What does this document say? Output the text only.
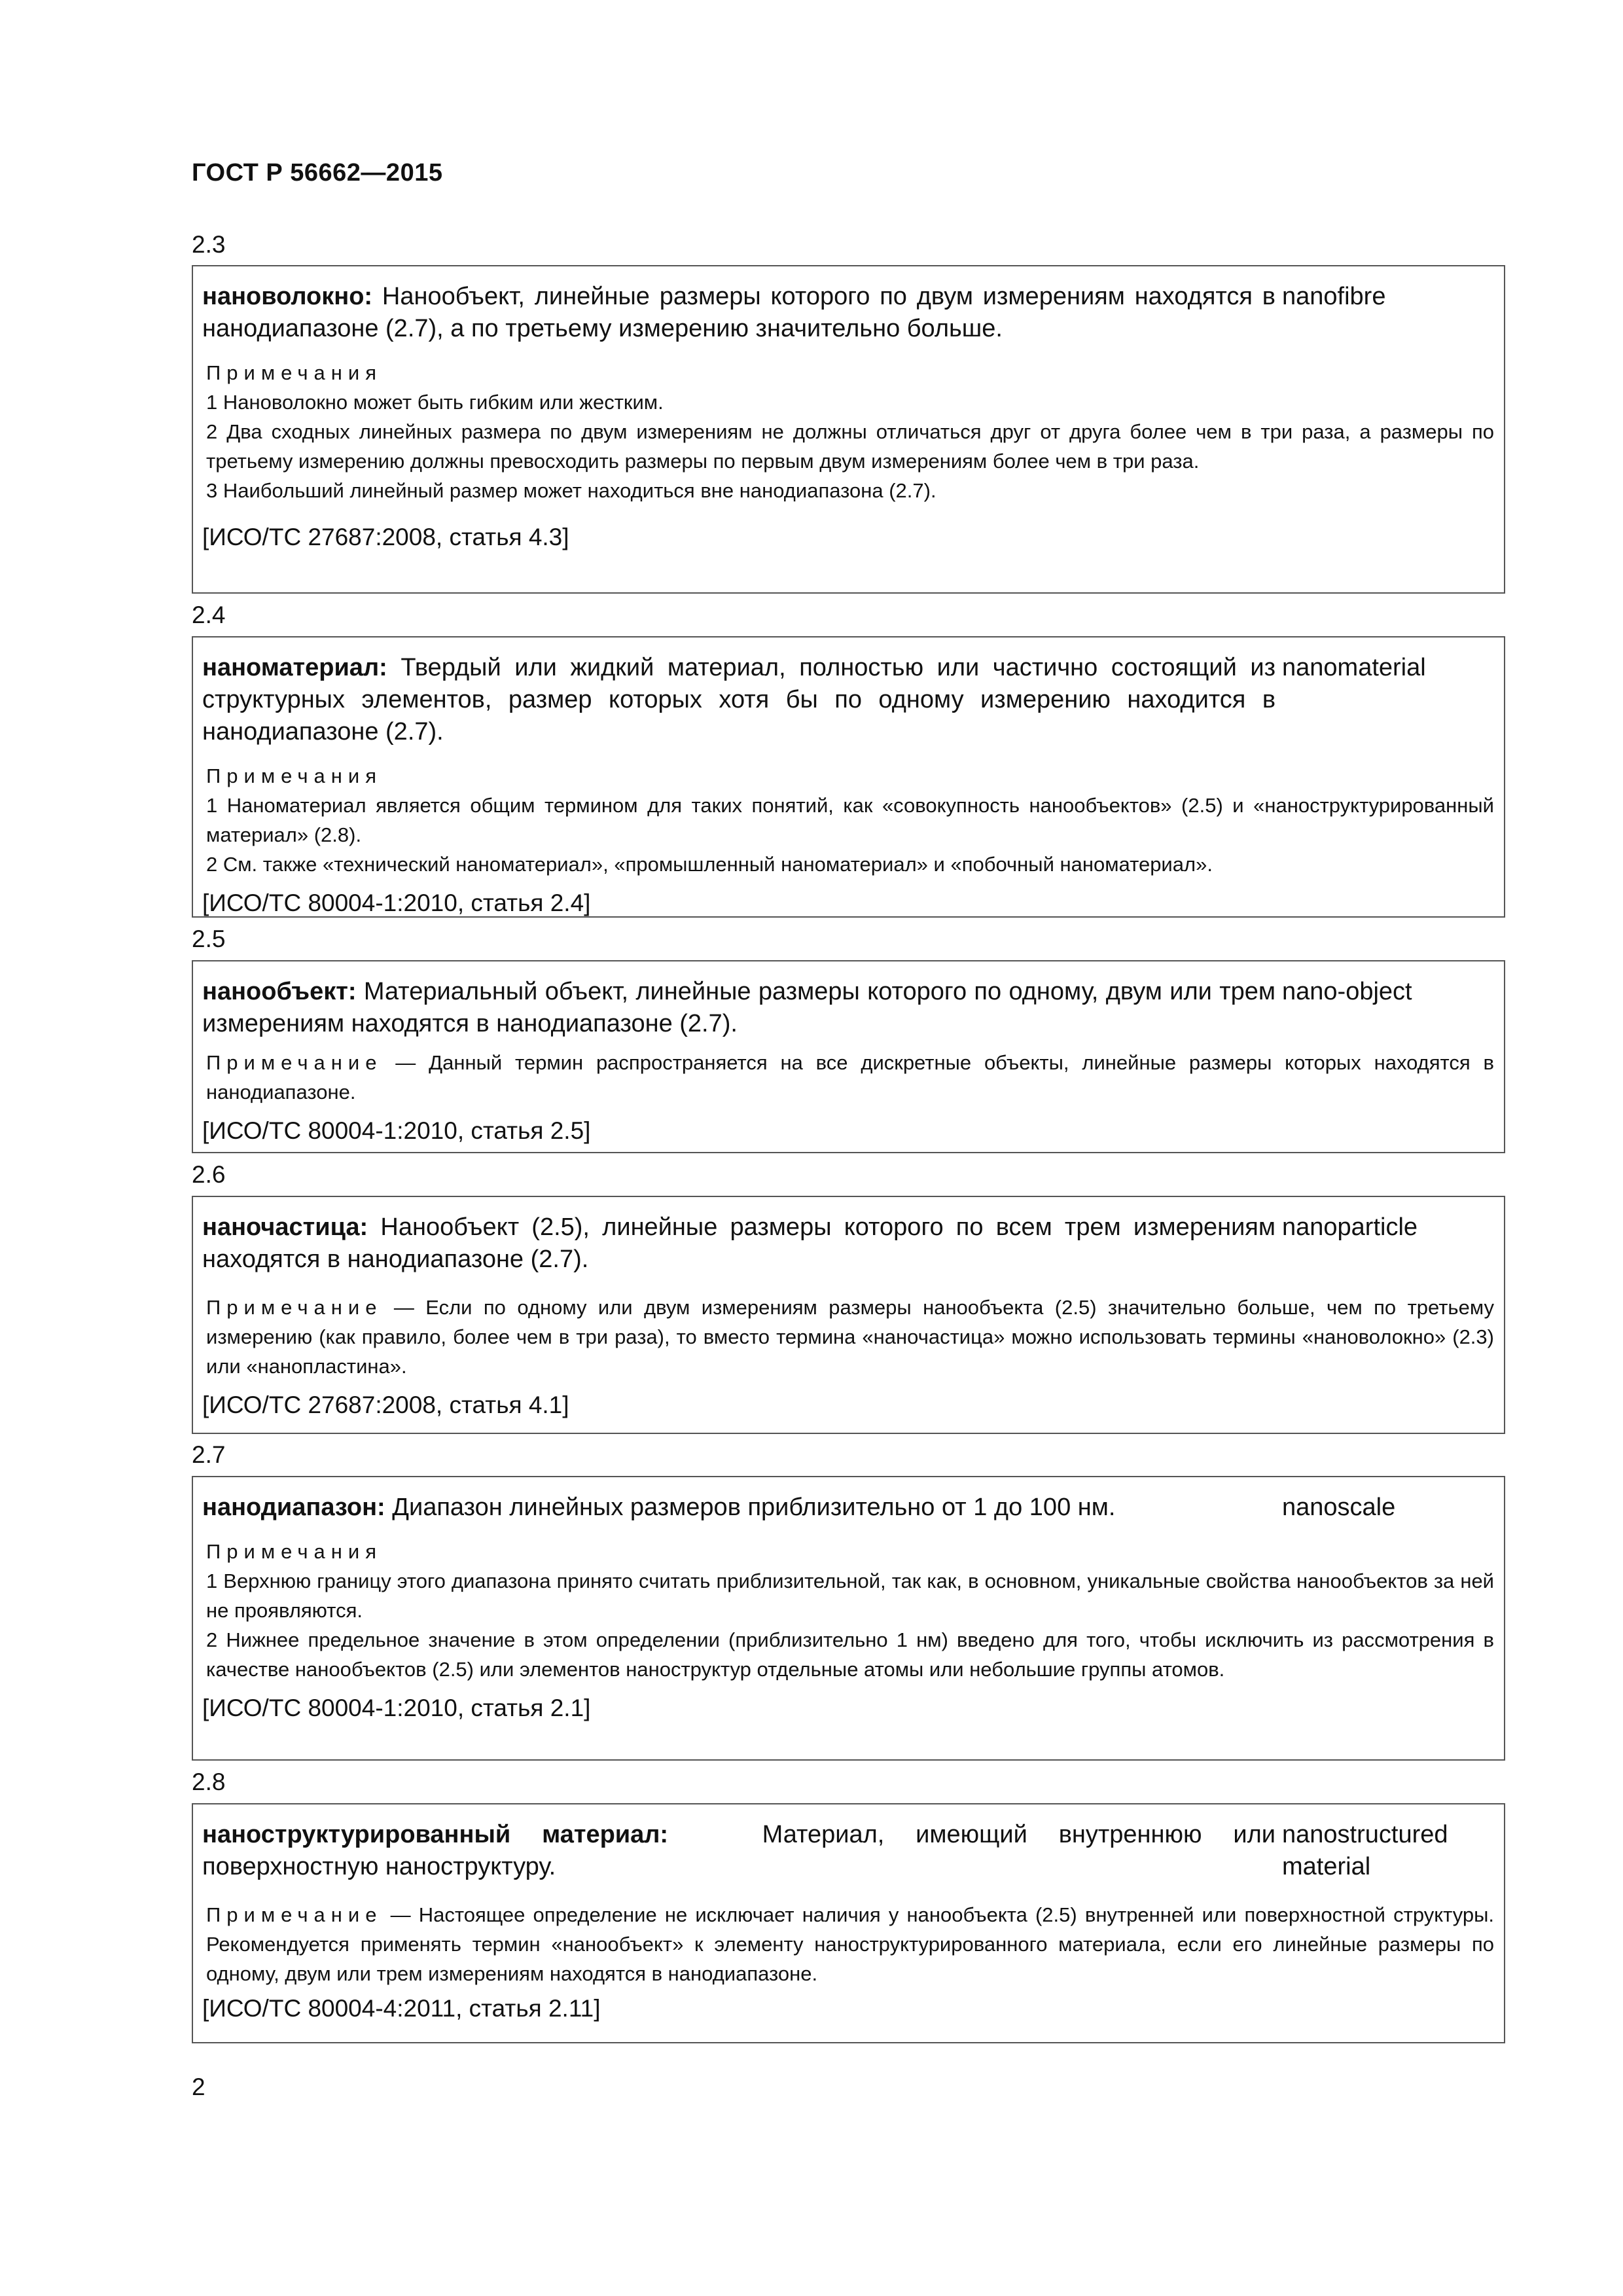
ГОСТ Р 56662—2015
2.3
нановолокно: Нанообъект, линейные размеры которого по двум измерениям находятся в нанодиапазоне (2.7), а по третьему измерению значительно больше.
nanofibre
Примечания
1 Нановолокно может быть гибким или жестким.
2 Два сходных линейных размера по двум измерениям не должны отличаться друг от друга более чем в три раза, а размеры по третьему измерению должны превосходить размеры по первым двум измерениям более чем в три раза.
3 Наибольший линейный размер может находиться вне нанодиапазона (2.7).
[ИСО/ТС 27687:2008, статья 4.3]
2.4
наноматериал: Твердый или жидкий материал, полностью или частично состоящий из структурных элементов, размер которых хотя бы по одному измерению находится в нанодиапазоне (2.7).
nanomaterial
Примечания
1 Наноматериал является общим термином для таких понятий, как «совокупность нанообъектов» (2.5) и «наноструктурированный материал» (2.8).
2 См. также «технический наноматериал», «промышленный наноматериал» и «побочный наноматериал».
[ИСО/ТС 80004-1:2010, статья 2.4]
2.5
нанообъект: Материальный объект, линейные размеры которого по одному, двум или трем измерениям находятся в нанодиапазоне (2.7).
nano-object
Примечание — Данный термин распространяется на все дискретные объекты, линейные размеры которых находятся в нанодиапазоне.
[ИСО/ТС 80004-1:2010, статья 2.5]
2.6
наночастица: Нанообъект (2.5), линейные размеры которого по всем трем измерениям находятся в нанодиапазоне (2.7).
nanoparticle
Примечание — Если по одному или двум измерениям размеры нанообъекта (2.5) значительно больше, чем по третьему измерению (как правило, более чем в три раза), то вместо термина «наночастица» можно использовать термины «нановолокно» (2.3) или «нанопластина».
[ИСО/ТС 27687:2008, статья 4.1]
2.7
нанодиапазон: Диапазон линейных размеров приблизительно от 1 до 100 нм.	nanoscale
Примечания
1 Верхнюю границу этого диапазона принято считать приблизительной, так как, в основном, уникальные свойства нанообъектов за ней не проявляются.
2 Нижнее предельное значение в этом определении (приблизительно 1 нм) введено для того, чтобы исключить из рассмотрения в качестве нанообъектов (2.5) или элементов наноструктур отдельные атомы или небольшие группы атомов.
[ИСО/ТС 80004-1:2010, статья 2.1]
2.8
наноструктурированный материал:	Материал, имеющий внутреннюю или поверхностную наноструктуру.
nanostructured material
Примечание — Настоящее определение не исключает наличия у нанообъекта (2.5) внутренней или поверхностной структуры. Рекомендуется применять термин «нанообъект» к элементу наноструктурированного материала, если его линейные размеры по одному, двум или трем измерениям находятся в нанодиапазоне.
[ИСО/ТС 80004-4:2011, статья 2.11]
2
